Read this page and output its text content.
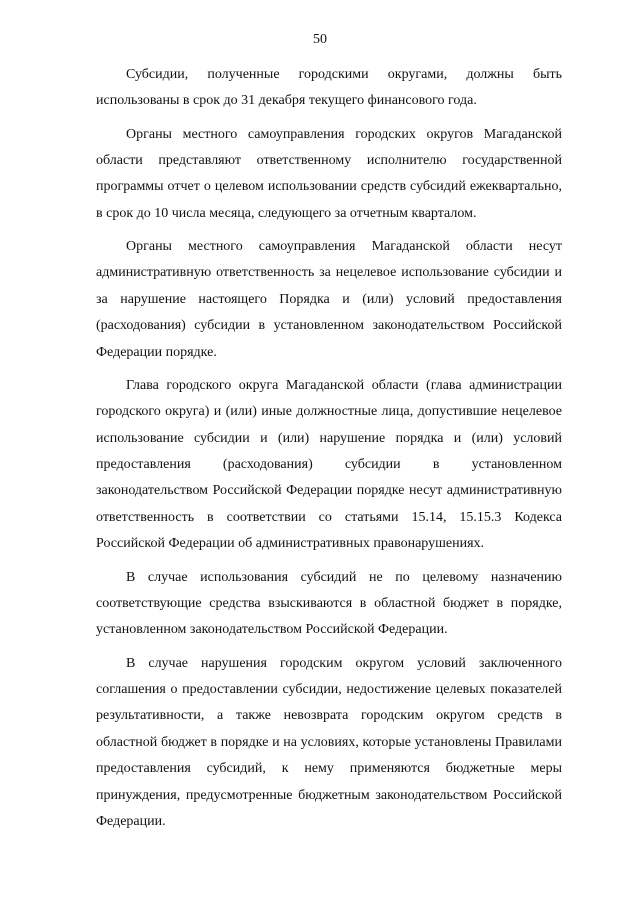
50

Субсидии, полученные городскими округами, должны быть использованы в срок до 31 декабря текущего финансового года.

Органы местного самоуправления городских округов Магаданской области представляют ответственному исполнителю государственной программы отчет о целевом использовании средств субсидий ежеквартально, в срок до 10 числа месяца, следующего за отчетным кварталом.

Органы местного самоуправления Магаданской области несут административную ответственность за нецелевое использование субсидии и за нарушение настоящего Порядка и (или) условий предоставления (расходования) субсидии в установленном законодательством Российской Федерации порядке.

Глава городского округа Магаданской области (глава администрации городского округа) и (или) иные должностные лица, допустившие нецелевое использование субсидии и (или) нарушение порядка и (или) условий предоставления (расходования) субсидии в установленном законодательством Российской Федерации порядке несут административную ответственность в соответствии со статьями 15.14, 15.15.3 Кодекса Российской Федерации об административных правонарушениях.

В случае использования субсидий не по целевому назначению соответствующие средства взыскиваются в областной бюджет в порядке, установленном законодательством Российской Федерации.

В случае нарушения городским округом условий заключенного соглашения о предоставлении субсидии, недостижение целевых показателей результативности, а также невозврата городским округом средств в областной бюджет в порядке и на условиях, которые установлены Правилами предоставления субсидий, к нему применяются бюджетные меры принуждения, предусмотренные бюджетным законодательством Российской Федерации.
